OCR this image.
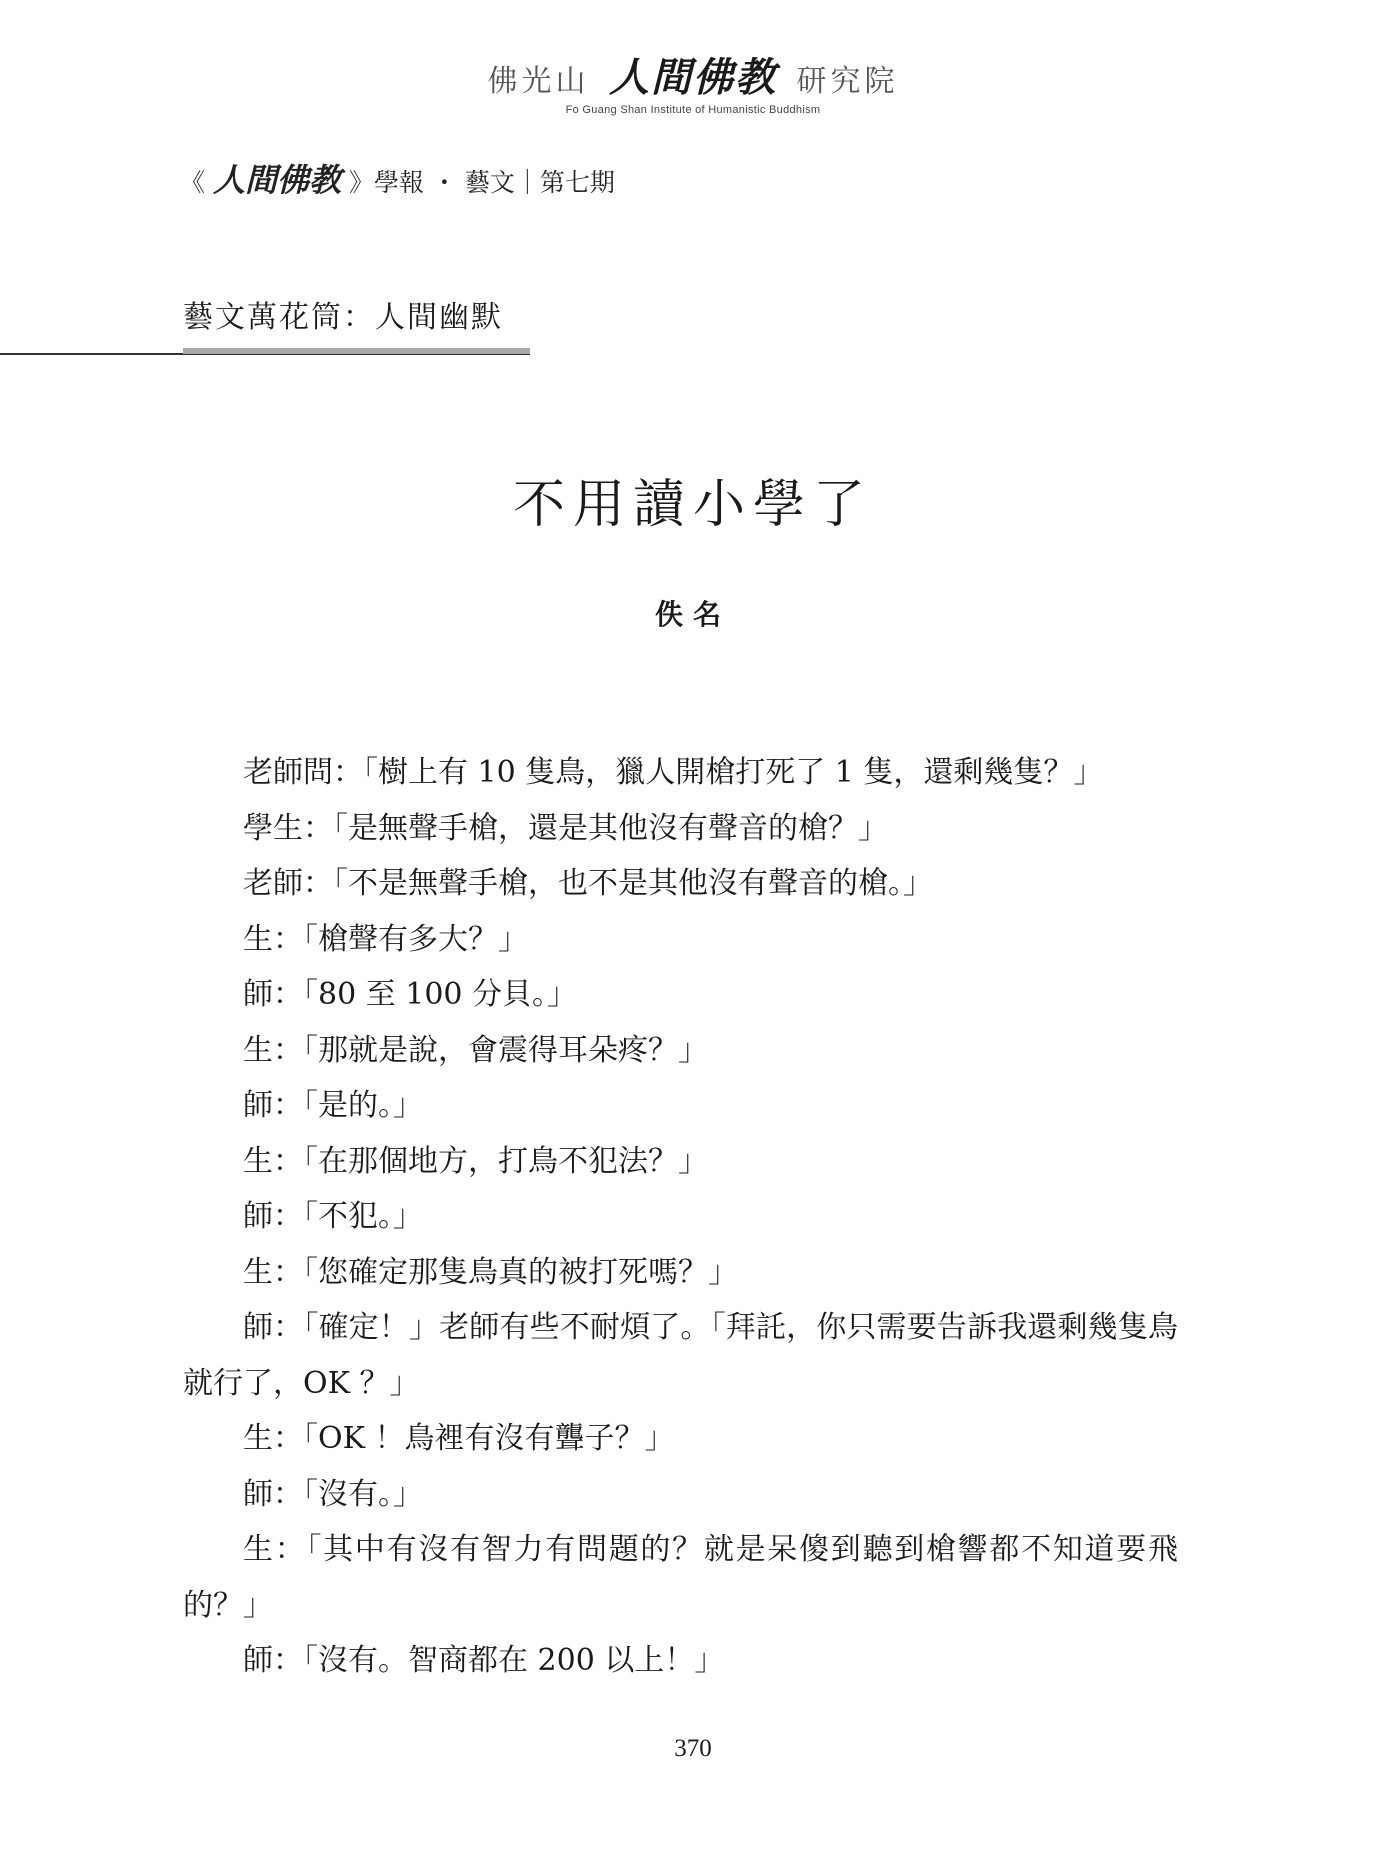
佛光山 人間佛教 研究院
Fo Guang Shan Institute of Humanistic Buddhism
《 人間佛教 》學報 ・ 藝文｜第七期
藝文萬花筒：人間幽默
不用讀小學了
佚名

老師問：「樹上有 10 隻鳥，獵人開槍打死了 1 隻，還剩幾隻？」

學生：「是無聲手槍，還是其他沒有聲音的槍？」

老師：「不是無聲手槍，也不是其他沒有聲音的槍。」

生：「槍聲有多大？」

師：「80 至 100 分貝。」

生：「那就是說，會震得耳朵疼？」

師：「是的。」

生：「在那個地方，打鳥不犯法？」

師：「不犯。」

生：「您確定那隻鳥真的被打死嗎？」

師：「確定！」老師有些不耐煩了。「拜託，你只需要告訴我還剩幾隻鳥就行了，OK ？」

生：「OK ！鳥裡有沒有聾子？」

師：「沒有。」

生：「其中有沒有智力有問題的？就是呆傻到聽到槍響都不知道要飛的？」

師：「沒有。智商都在 200 以上！」

370
